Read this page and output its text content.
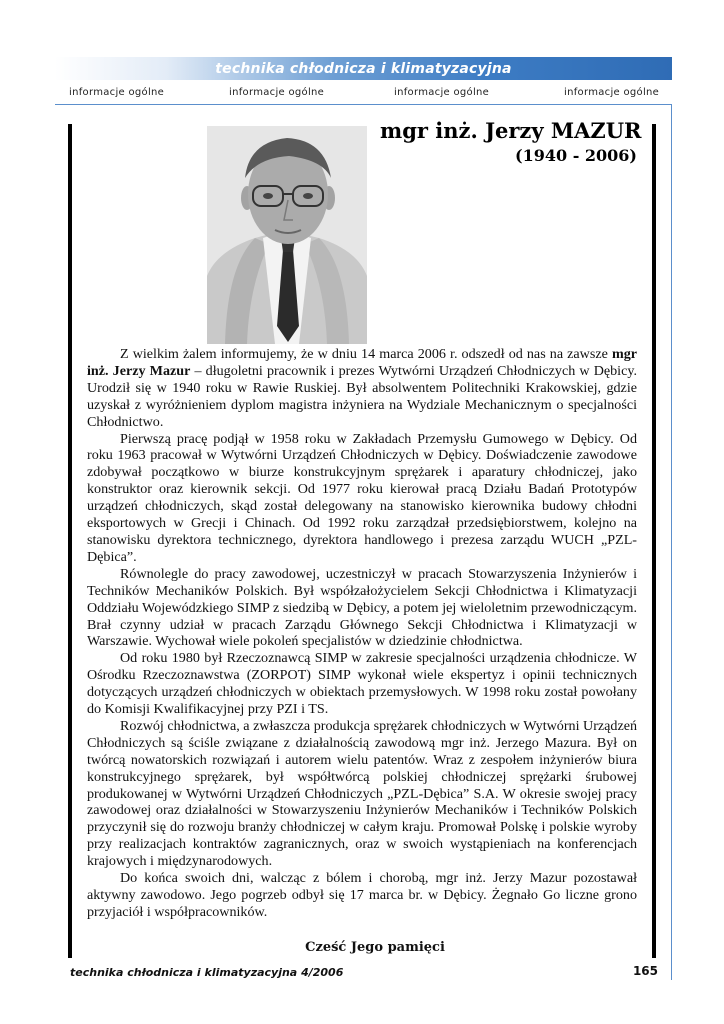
technika chłodnicza i klimatyzacyjna
informacje ogólne	informacje ogólne	informacje ogólne	informacje ogólne
mgr inż. Jerzy MAZUR
(1940 - 2006)

Z wielkim żalem informujemy, że w dniu 14 marca 2006 r. odszedł od nas na zawsze mgr inż. Jerzy Mazur – długoletni pracownik i prezes Wytwórni Urządzeń Chłodniczych w Dębicy. Urodził się w 1940 roku w Rawie Ruskiej. Był absolwentem Politechniki Krakowskiej, gdzie uzyskał z wyróżnieniem dyplom magistra inżyniera na Wydziale Mechanicznym o specjalności Chłodnictwo.

Pierwszą pracę podjął w 1958 roku w Zakładach Przemysłu Gumowego w Dębicy. Od roku 1963 pracował w Wytwórni Urządzeń Chłodniczych w Dębicy. Doświadczenie zawodowe zdobywał początkowo w biurze konstrukcyjnym sprężarek i aparatury chłodniczej, jako konstruktor oraz kierownik sekcji. Od 1977 roku kierował pracą Działu Badań Prototypów urządzeń chłodniczych, skąd został delegowany na stanowisko kierownika budowy chłodni eksportowych w Grecji i Chinach. Od 1992 roku zarządzał przedsiębiorstwem, kolejno na stanowisku dyrektora technicznego, dyrektora handlowego i prezesa zarządu WUCH „PZL-Dębica”.

Równolegle do pracy zawodowej, uczestniczył w pracach Stowarzyszenia Inżynierów i Techników Mechaników Polskich. Był współzałożycielem Sekcji Chłodnictwa i Klimatyzacji Oddziału Wojewódzkiego SIMP z siedzibą w Dębicy, a potem jej wieloletnim przewodniczącym. Brał czynny udział w pracach Zarządu Głównego Sekcji Chłodnictwa i Klimatyzacji w Warszawie. Wychował wiele pokoleń specjalistów w dziedzinie chłodnictwa.

Od roku 1980 był Rzeczoznawcą SIMP w zakresie specjalności urządzenia chłodnicze. W Ośrodku Rzeczoznawstwa (ZORPOT) SIMP wykonał wiele ekspertyz i opinii technicznych dotyczących urządzeń chłodniczych w obiektach przemysłowych. W 1998 roku został powołany do Komisji Kwalifikacyjnej przy PZI i TS.

Rozwój chłodnictwa, a zwłaszcza produkcja sprężarek chłodniczych w Wytwórni Urządzeń Chłodniczych są ściśle związane z działalnością zawodową mgr inż. Jerzego Mazura. Był on twórcą nowatorskich rozwiązań i autorem wielu patentów. Wraz z zespołem inżynierów biura konstrukcyjnego sprężarek, był współtwórcą polskiej chłodniczej sprężarki śrubowej produkowanej w Wytwórni Urządzeń Chłodniczych „PZL-Dębica” S.A. W okresie swojej pracy zawodowej oraz działalności w Stowarzyszeniu Inżynierów Mechaników i Techników Polskich przyczynił się do rozwoju branży chłodniczej w całym kraju. Promował Polskę i polskie wyroby przy realizacjach kontraktów zagranicznych, oraz w swoich wystąpieniach na konferencjach krajowych i międzynarodowych.

Do końca swoich dni, walcząc z bólem i chorobą, mgr inż. Jerzy Mazur pozostawał aktywny zawodowo. Jego pogrzeb odbył się 17 marca br. w Dębicy. Żegnało Go liczne grono przyjaciół i współpracowników.

Cześć Jego pamięci
technika chłodnicza i klimatyzacyjna 4/2006	165
